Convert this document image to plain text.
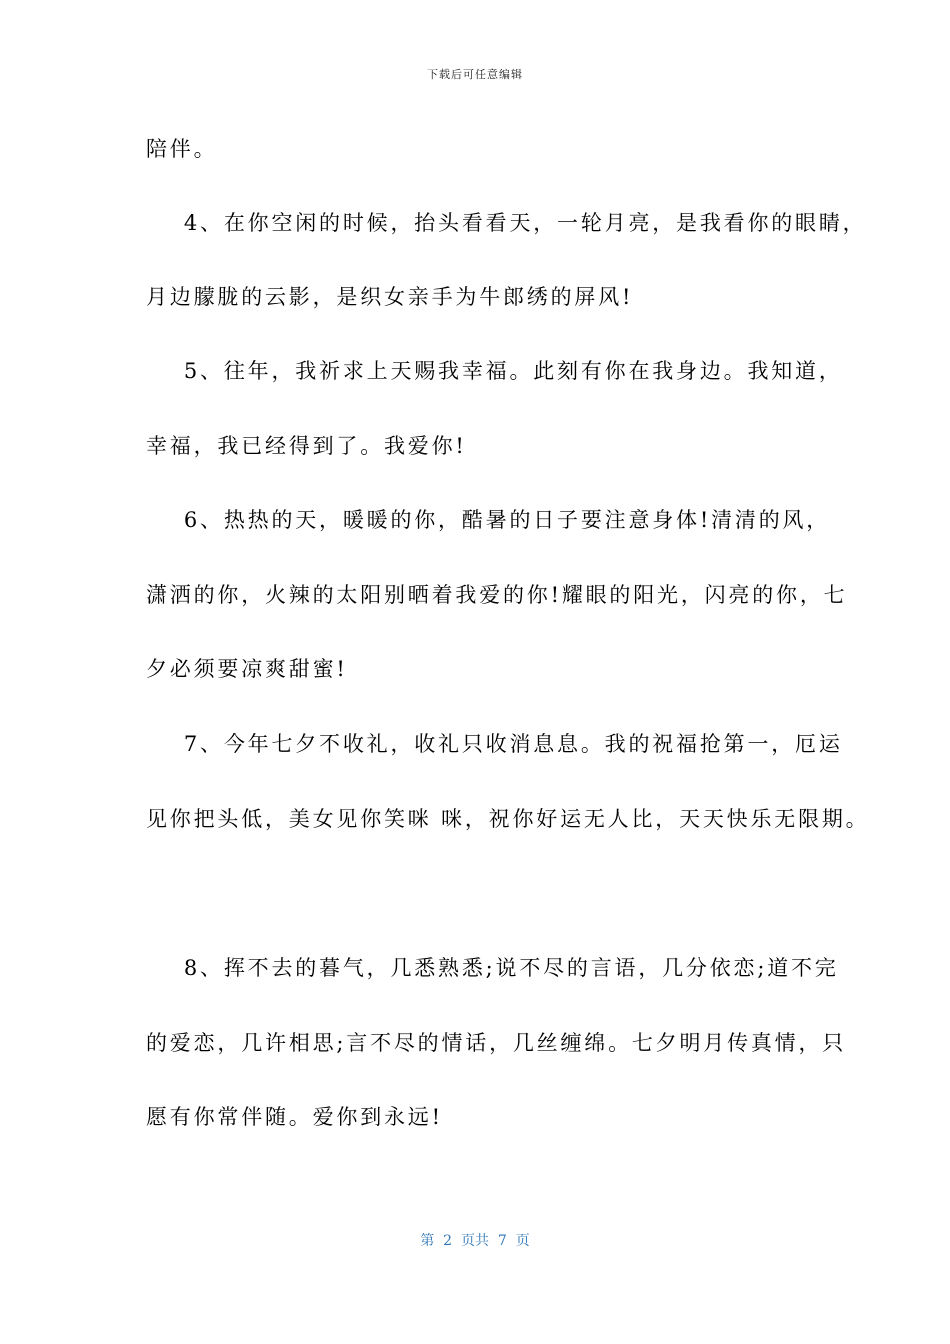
下载后可任意编辑
陪伴。
4、在你空闲的时候，抬头看看天，一轮月亮，是我看你的眼睛，
月边朦胧的云影，是织女亲手为牛郎绣的屏风!
5、往年，我祈求上天赐我幸福。此刻有你在我身边。我知道，
幸福，我已经得到了。我爱你!
6、热热的天，暖暖的你，酷暑的日子要注意身体!清清的风，
潇洒的你，火辣的太阳别晒着我爱的你!耀眼的阳光，闪亮的你，七
夕必须要凉爽甜蜜!
7、今年七夕不收礼，收礼只收消息息。我的祝福抢第一，厄运
见你把头低，美女见你笑咪 咪，祝你好运无人比，天天快乐无限期。
8、挥不去的暮气，几悉熟悉;说不尽的言语，几分依恋;道不完
的爱恋，几许相思;言不尽的情话，几丝缠绵。七夕明月传真情，只
愿有你常伴随。爱你到永远!
第  2  页共  7  页
